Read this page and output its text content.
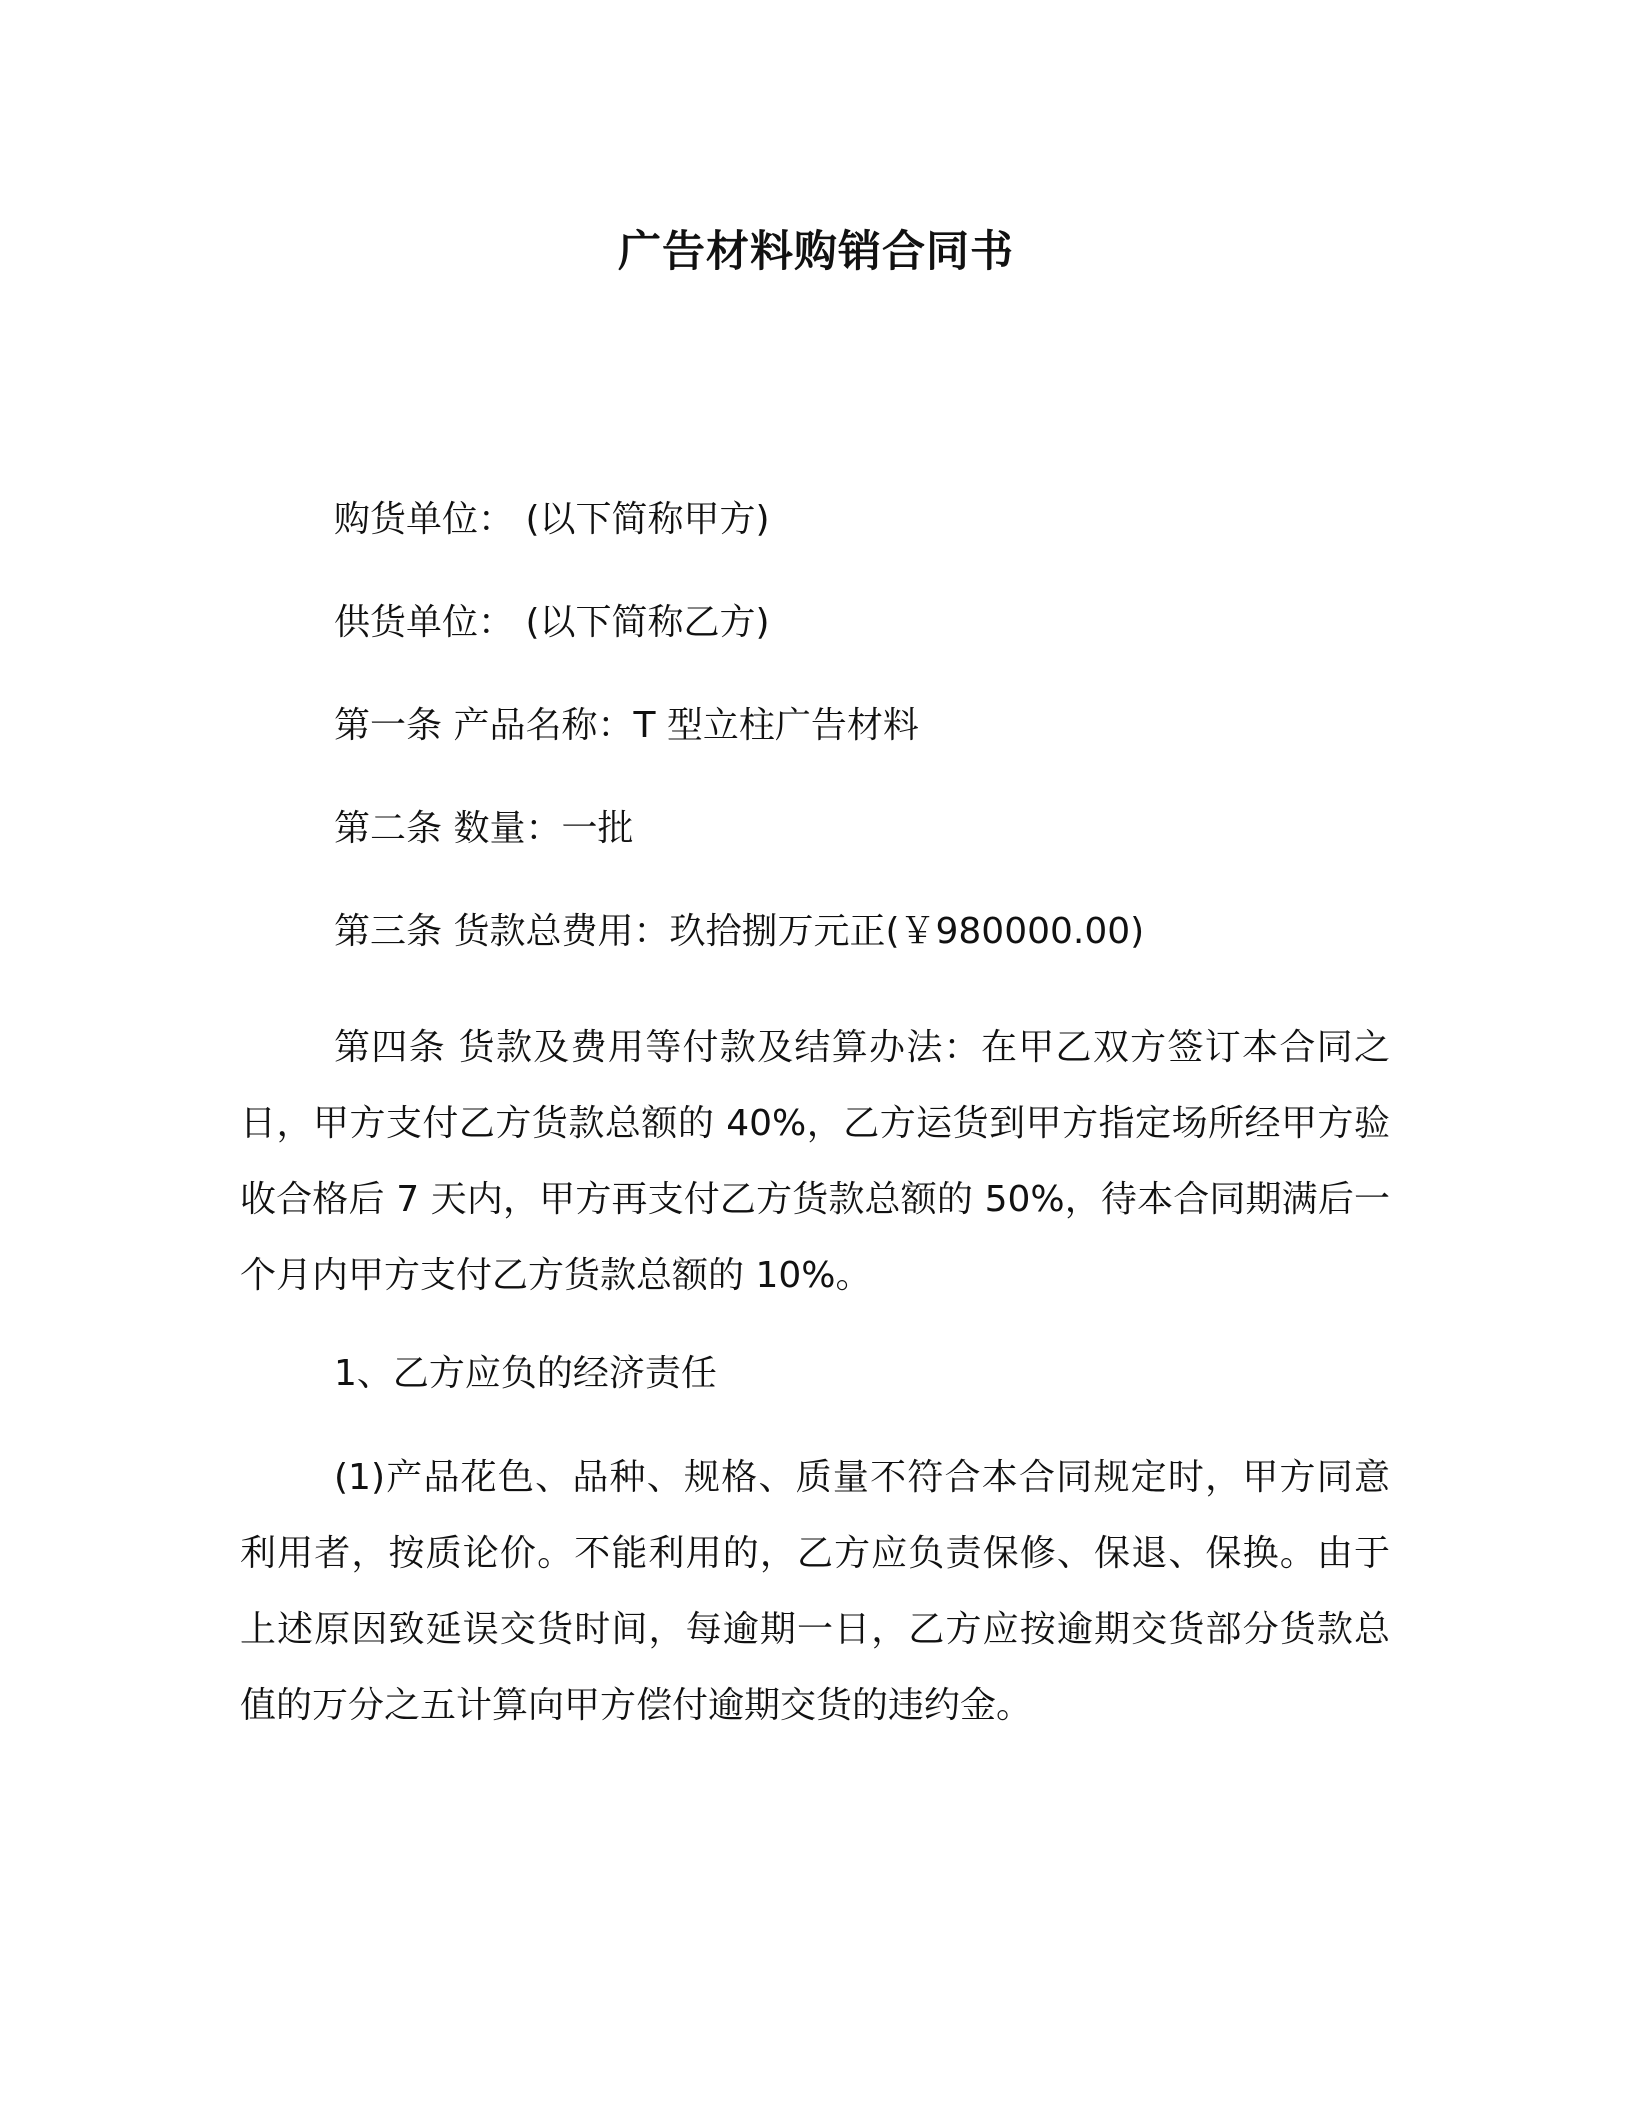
广告材料购销合同书

购货单位： (以下简称甲方)

供货单位： (以下简称乙方)

第一条 产品名称：T 型立柱广告材料

第二条 数量：一批

第三条 货款总费用：玖拾捌万元正(￥980000.00)

第四条 货款及费用等付款及结算办法：在甲乙双方签订本合同之日，甲方支付乙方货款总额的 40%，乙方运货到甲方指定场所经甲方验收合格后 7 天内，甲方再支付乙方货款总额的 50%，待本合同期满后一个月内甲方支付乙方货款总额的 10%。

1、乙方应负的经济责任

(1)产品花色、品种、规格、质量不符合本合同规定时，甲方同意利用者，按质论价。不能利用的，乙方应负责保修、保退、保换。由于上述原因致延误交货时间，每逾期一日，乙方应按逾期交货部分货款总值的万分之五计算向甲方偿付逾期交货的违约金。
